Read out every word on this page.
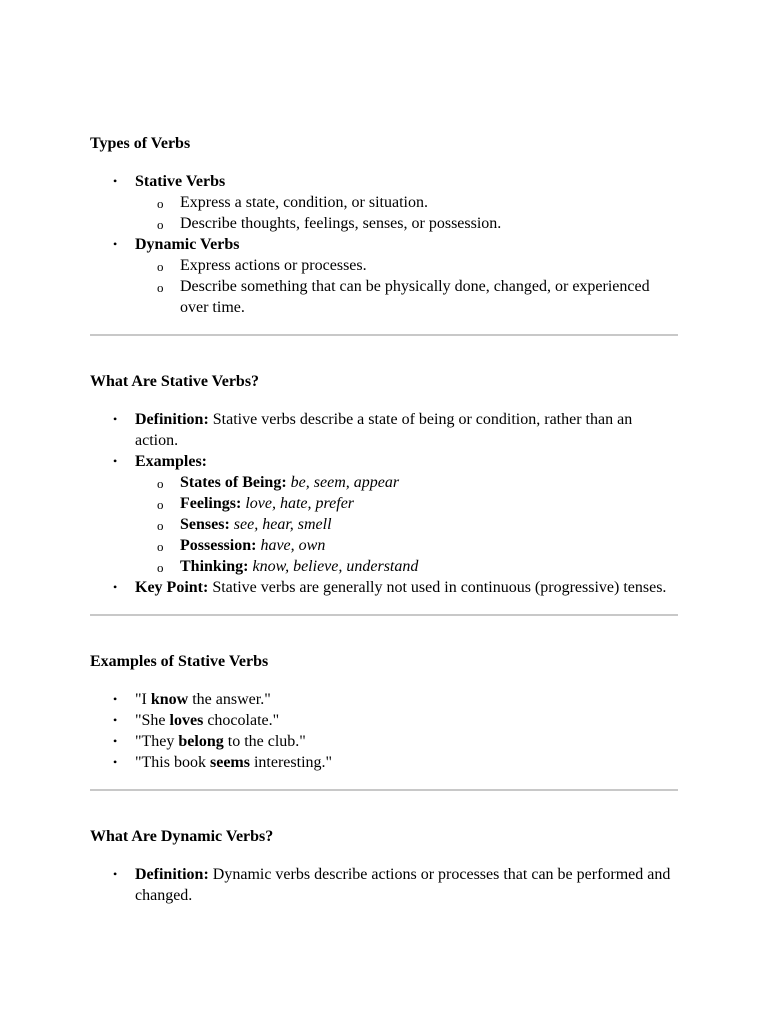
Types of Verbs
• Stative Verbs
o Express a state, condition, or situation.
o Describe thoughts, feelings, senses, or possession.
• Dynamic Verbs
o Express actions or processes.
o Describe something that can be physically done, changed, or experienced over time.
What Are Stative Verbs?
• Definition: Stative verbs describe a state of being or condition, rather than an action.
• Examples:
o States of Being: be, seem, appear
o Feelings: love, hate, prefer
o Senses: see, hear, smell
o Possession: have, own
o Thinking: know, believe, understand
• Key Point: Stative verbs are generally not used in continuous (progressive) tenses.
Examples of Stative Verbs
• "I know the answer."
• "She loves chocolate."
• "They belong to the club."
• "This book seems interesting."
What Are Dynamic Verbs?
• Definition: Dynamic verbs describe actions or processes that can be performed and changed.
